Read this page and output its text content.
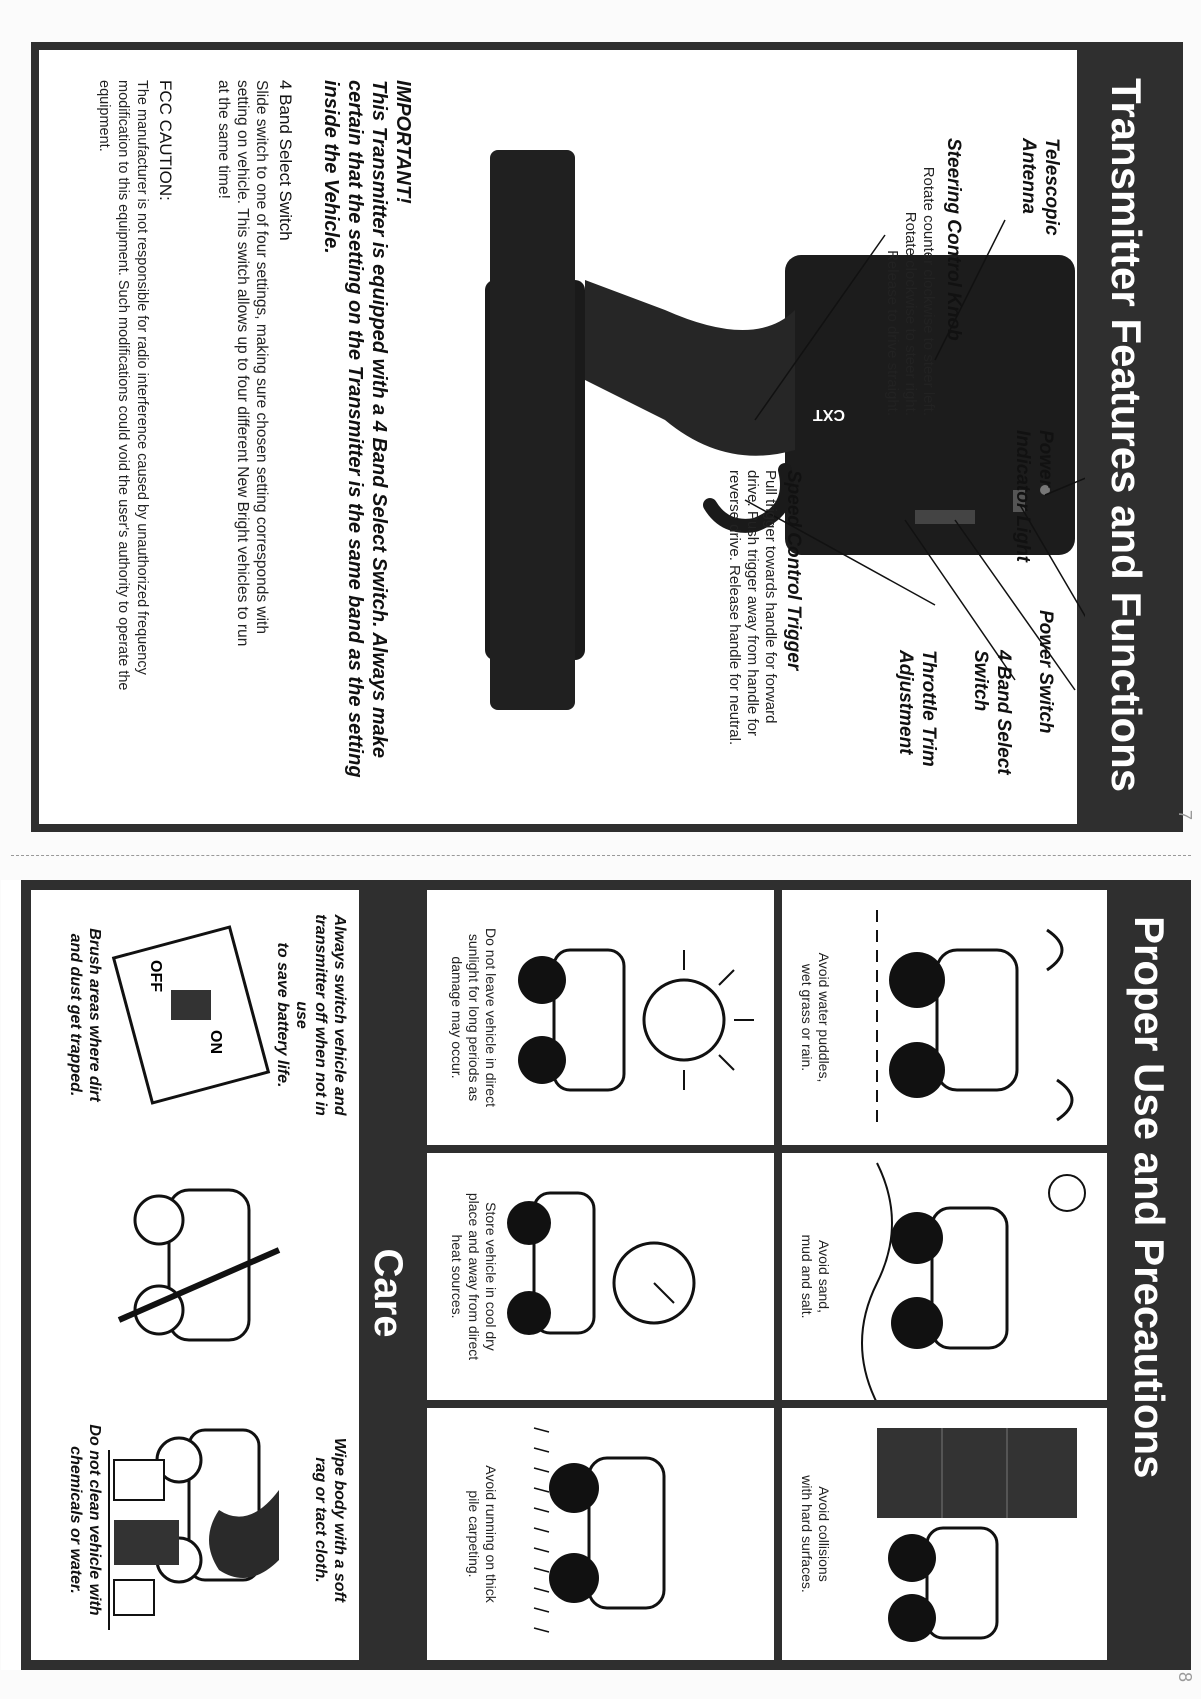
Transmitter Features and Functions
CXT
Telescopic Antenna
Steering Control Knob
Rotate counter clockwise to steer left.
Rotate clockwise to steer right.
Release to drive straight.
Power Indicator Light
Power Switch
4 Band Select Switch
Throttle Trim Adjustment
Speed Control Trigger
Pull trigger towards handle for forward
drive. Push trigger away from handle for
reverse drive. Release handle for neutral.
IMPORTANT!
This Transmitter is equipped with a 4 Band Select Switch. Always make
certain that the setting on the Transmitter is the same band as the setting
inside the Vehicle.
4 Band Select Switch
Slide switch to one of four settings, making sure chosen setting corresponds with
setting on vehicle. This switch allows up to four different New Bright vehicles to run
at the same time!
FCC CAUTION:
The manufacturer is not responsible for radio interference caused by unauthorized frequency
modification to this equipment. Such modifications could void the user's authority to operate the
equipment.
7
Proper Use and Precautions
Avoid water puddles,
wet grass or rain.
Avoid sand,
mud and salt.
Avoid collisions
with hard surfaces.
Do not leave vehicle in direct
sunlight for long periods as
damage may occur.
Store vehicle in cool dry
place and away from direct
heat sources.
Avoid running on thick
pile carpeting.
Care
Always switch vehicle and
transmitter off when not in use
to save battery life.
ON
OFF
Brush areas where dirt
and dust get trapped.
Wipe body with a soft
rag or tact cloth.
Do not clean vehicle with
chemicals or water.
8
